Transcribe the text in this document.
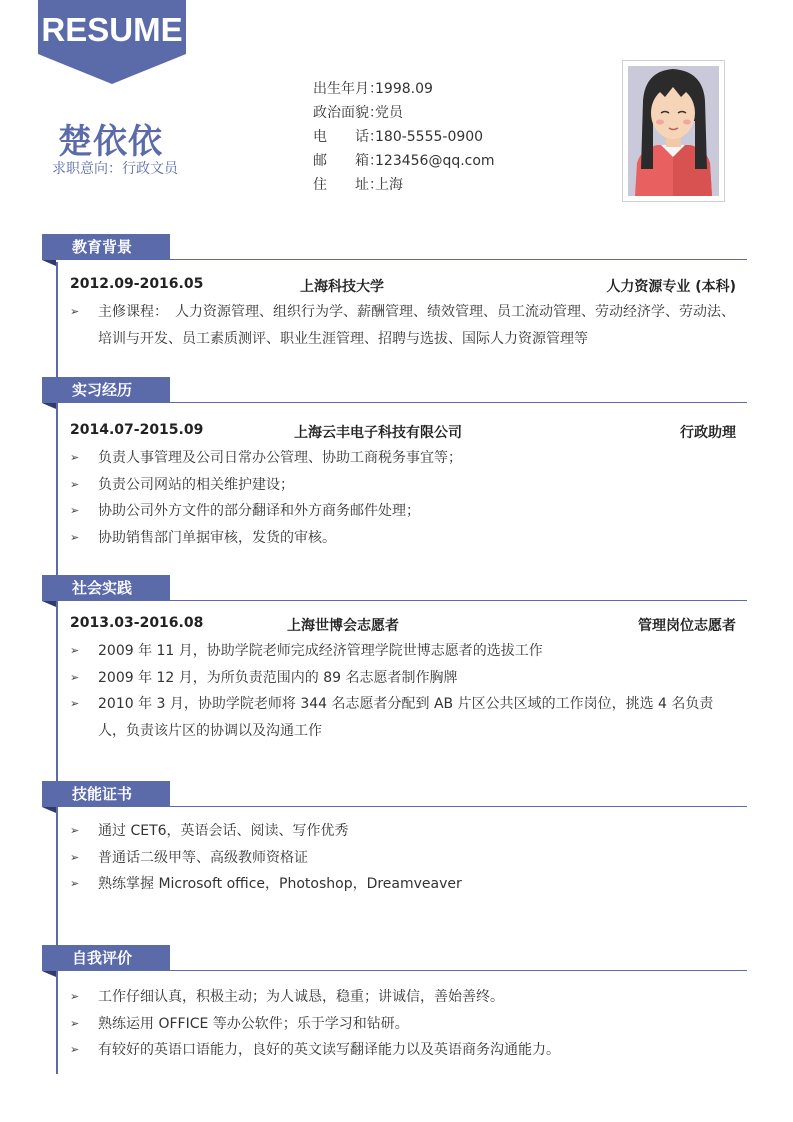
RESUME
楚依依
求职意向：行政文员
出生年月：1998.09
政治面貌：党员
电　　话：180-5555-0900
邮　　箱：123456@qq.com
住　　址：上海
教育背景
2012.09-2016.05	上海科技大学	人力资源专业 (本科)
➢ 主修课程：　人力资源管理、组织行为学、薪酬管理、绩效管理、员工流动管理、劳动经济学、劳动法、培训与开发、员工素质测评、职业生涯管理、招聘与选拔、国际人力资源管理等
实习经历
2014.07-2015.09	上海云丰电子科技有限公司	行政助理
➢ 负责人事管理及公司日常办公管理、协助工商税务事宜等；
➢ 负责公司网站的相关维护建设；
➢ 协助公司外方文件的部分翻译和外方商务邮件处理；
➢ 协助销售部门单据审核，发货的审核。
社会实践
2013.03-2016.08	上海世博会志愿者	管理岗位志愿者
➢ 2009 年 11 月，协助学院老师完成经济管理学院世博志愿者的选拔工作
➢ 2009 年 12 月，为所负责范围内的 89 名志愿者制作胸牌
➢ 2010 年 3 月，协助学院老师将 344 名志愿者分配到 AB 片区公共区域的工作岗位，挑选 4 名负责人，负责该片区的协调以及沟通工作
技能证书
➢ 通过 CET6，英语会话、阅读、写作优秀
➢ 普通话二级甲等、高级教师资格证
➢ 熟练掌握 Microsoft office，Photoshop，Dreamveaver
自我评价
➢ 工作仔细认真，积极主动；为人诚恳，稳重；讲诚信，善始善终。
➢ 熟练运用 OFFICE 等办公软件；乐于学习和钻研。
➢ 有较好的英语口语能力，良好的英文读写翻译能力以及英语商务沟通能力。
